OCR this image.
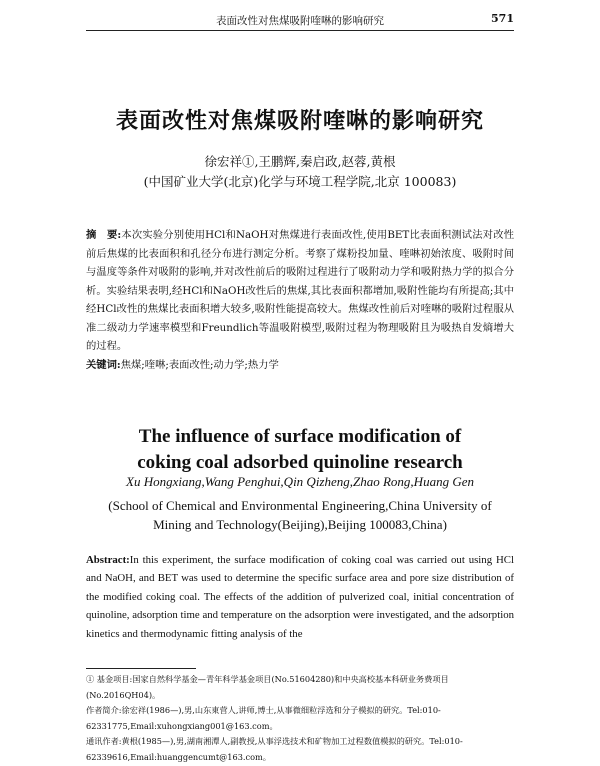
表面改性对焦煤吸附喹啉的影响研究	571
表面改性对焦煤吸附喹啉的影响研究
徐宏祥①,王鹏辉,秦启政,赵蓉,黄根
(中国矿业大学(北京)化学与环境工程学院,北京 100083)
摘　要:本次实验分别使用HCl和NaOH对焦煤进行表面改性,使用BET比表面积测试法对改性前后焦煤的比表面积和孔径分布进行测定分析。考察了煤粉投加量、喹啉初始浓度、吸附时间与温度等条件对吸附的影响,并对改性前后的吸附过程进行了吸附动力学和吸附热力学的拟合分析。实验结果表明,经HCl和NaOH改性后的焦煤,其比表面积都增加,吸附性能均有所提高;其中经HCl改性的焦煤比表面积增大较多,吸附性能提高较大。焦煤改性前后对喹啉的吸附过程服从准二级动力学速率模型和Freundlich等温吸附模型,吸附过程为物理吸附且为吸热自发熵增大的过程。
关键词:焦煤;喹啉;表面改性;动力学;热力学
The influence of surface modification of
coking coal adsorbed quinoline research
Xu Hongxiang,Wang Penghui,Qin Qizheng,Zhao Rong,Huang Gen
(School of Chemical and Environmental Engineering,China University of
Mining and Technology(Beijing),Beijing 100083,China)
Abstract:In this experiment, the surface modification of coking coal was carried out using HCl and NaOH, and BET was used to determine the specific surface area and pore size distribution of the modified coking coal. The effects of the addition of pulverized coal, initial concentration of quinoline, adsorption time and temperature on the adsorption were investigated, and the adsorption kinetics and thermodynamic fitting analysis of the

① 基金项目:国家自然科学基金—青年科学基金项目(No.51604280)和中央高校基本科研业务费项目(No.2016QH04)。

作者简介:徐宏祥(1986—),男,山东東营人,讲师,博士,从事微细粒浮选和分子模拟的研究。Tel:010-62331775,Email:xuhongxiang001@163.com。

通讯作者:黄根(1985—),男,湖南湘潭人,副教授,从事浮选技术和矿物加工过程数值模拟的研究。Tel:010-62339616,Email:huanggencumt@163.com。
